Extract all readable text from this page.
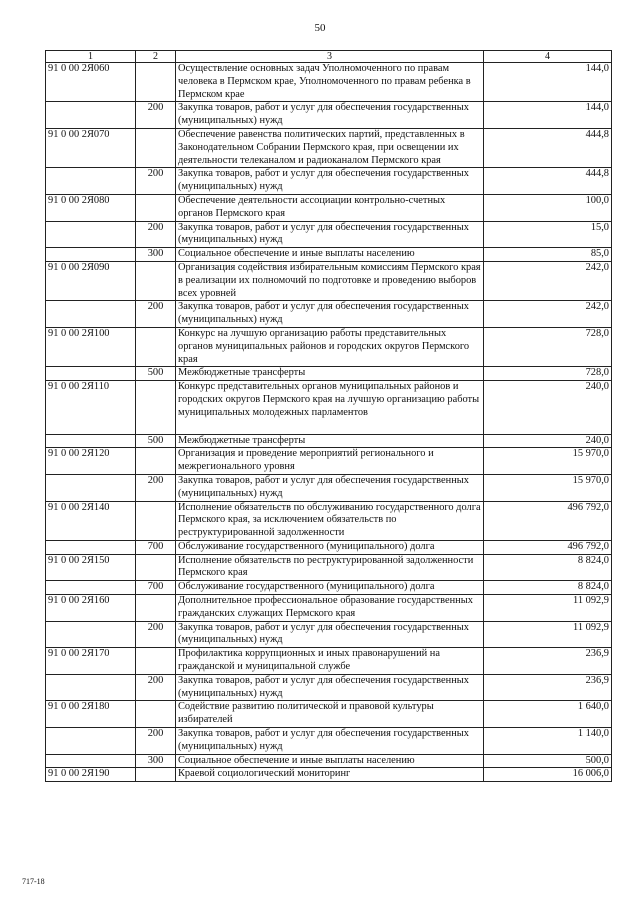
50
1	2	3	4
91 0 00 2Я060		Осуществление основных задач Уполномоченного по правам человека в Пермском крае, Уполномоченного по правам ребенка в Пермском крае	144,0
	200	Закупка товаров, работ и услуг для обеспечения государственных (муниципальных) нужд	144,0
91 0 00 2Я070		Обеспечение равенства политических партий, представленных в Законодательном Собрании Пермского края, при освещении их деятельности телеканалом и радиоканалом Пермского края	444,8
	200	Закупка товаров, работ и услуг для обеспечения государственных (муниципальных) нужд	444,8
91 0 00 2Я080		Обеспечение деятельности ассоциации контрольно-счетных органов Пермского края	100,0
	200	Закупка товаров, работ и услуг для обеспечения государственных (муниципальных) нужд	15,0
	300	Социальное обеспечение и иные выплаты населению	85,0
91 0 00 2Я090		Организация содействия избирательным комиссиям Пермского края в реализации их полномочий по подготовке и проведению выборов всех уровней	242,0
	200	Закупка товаров, работ и услуг для обеспечения государственных (муниципальных) нужд	242,0
91 0 00 2Я100		Конкурс на лучшую организацию работы представительных органов муниципальных районов и городских округов Пермского края	728,0
	500	Межбюджетные трансферты	728,0
91 0 00 2Я110		Конкурс представительных органов муниципальных районов и городских округов Пермского края на лучшую организацию работы муниципальных молодежных парламентов	240,0
	500	Межбюджетные трансферты	240,0
91 0 00 2Я120		Организация и проведение мероприятий регионального и межрегионального уровня	15 970,0
	200	Закупка товаров, работ и услуг для обеспечения государственных (муниципальных) нужд	15 970,0
91 0 00 2Я140		Исполнение обязательств по обслуживанию государственного долга Пермского края, за исключением обязательств по реструктурированной задолженности	496 792,0
	700	Обслуживание государственного (муниципального) долга	496 792,0
91 0 00 2Я150		Исполнение обязательств по реструктурированной задолженности Пермского края	8 824,0
	700	Обслуживание государственного (муниципального) долга	8 824,0
91 0 00 2Я160		Дополнительное профессиональное образование государственных гражданских служащих Пермского края	11 092,9
	200	Закупка товаров, работ и услуг для обеспечения государственных (муниципальных) нужд	11 092,9
91 0 00 2Я170		Профилактика коррупционных и иных правонарушений на гражданской и муниципальной службе	236,9
	200	Закупка товаров, работ и услуг для обеспечения государственных (муниципальных) нужд	236,9
91 0 00 2Я180		Содействие развитию политической и правовой культуры избирателей	1 640,0
	200	Закупка товаров, работ и услуг для обеспечения государственных (муниципальных) нужд	1 140,0
	300	Социальное обеспечение и иные выплаты населению	500,0
91 0 00 2Я190		Краевой социологический мониторинг	16 006,0
717-18
